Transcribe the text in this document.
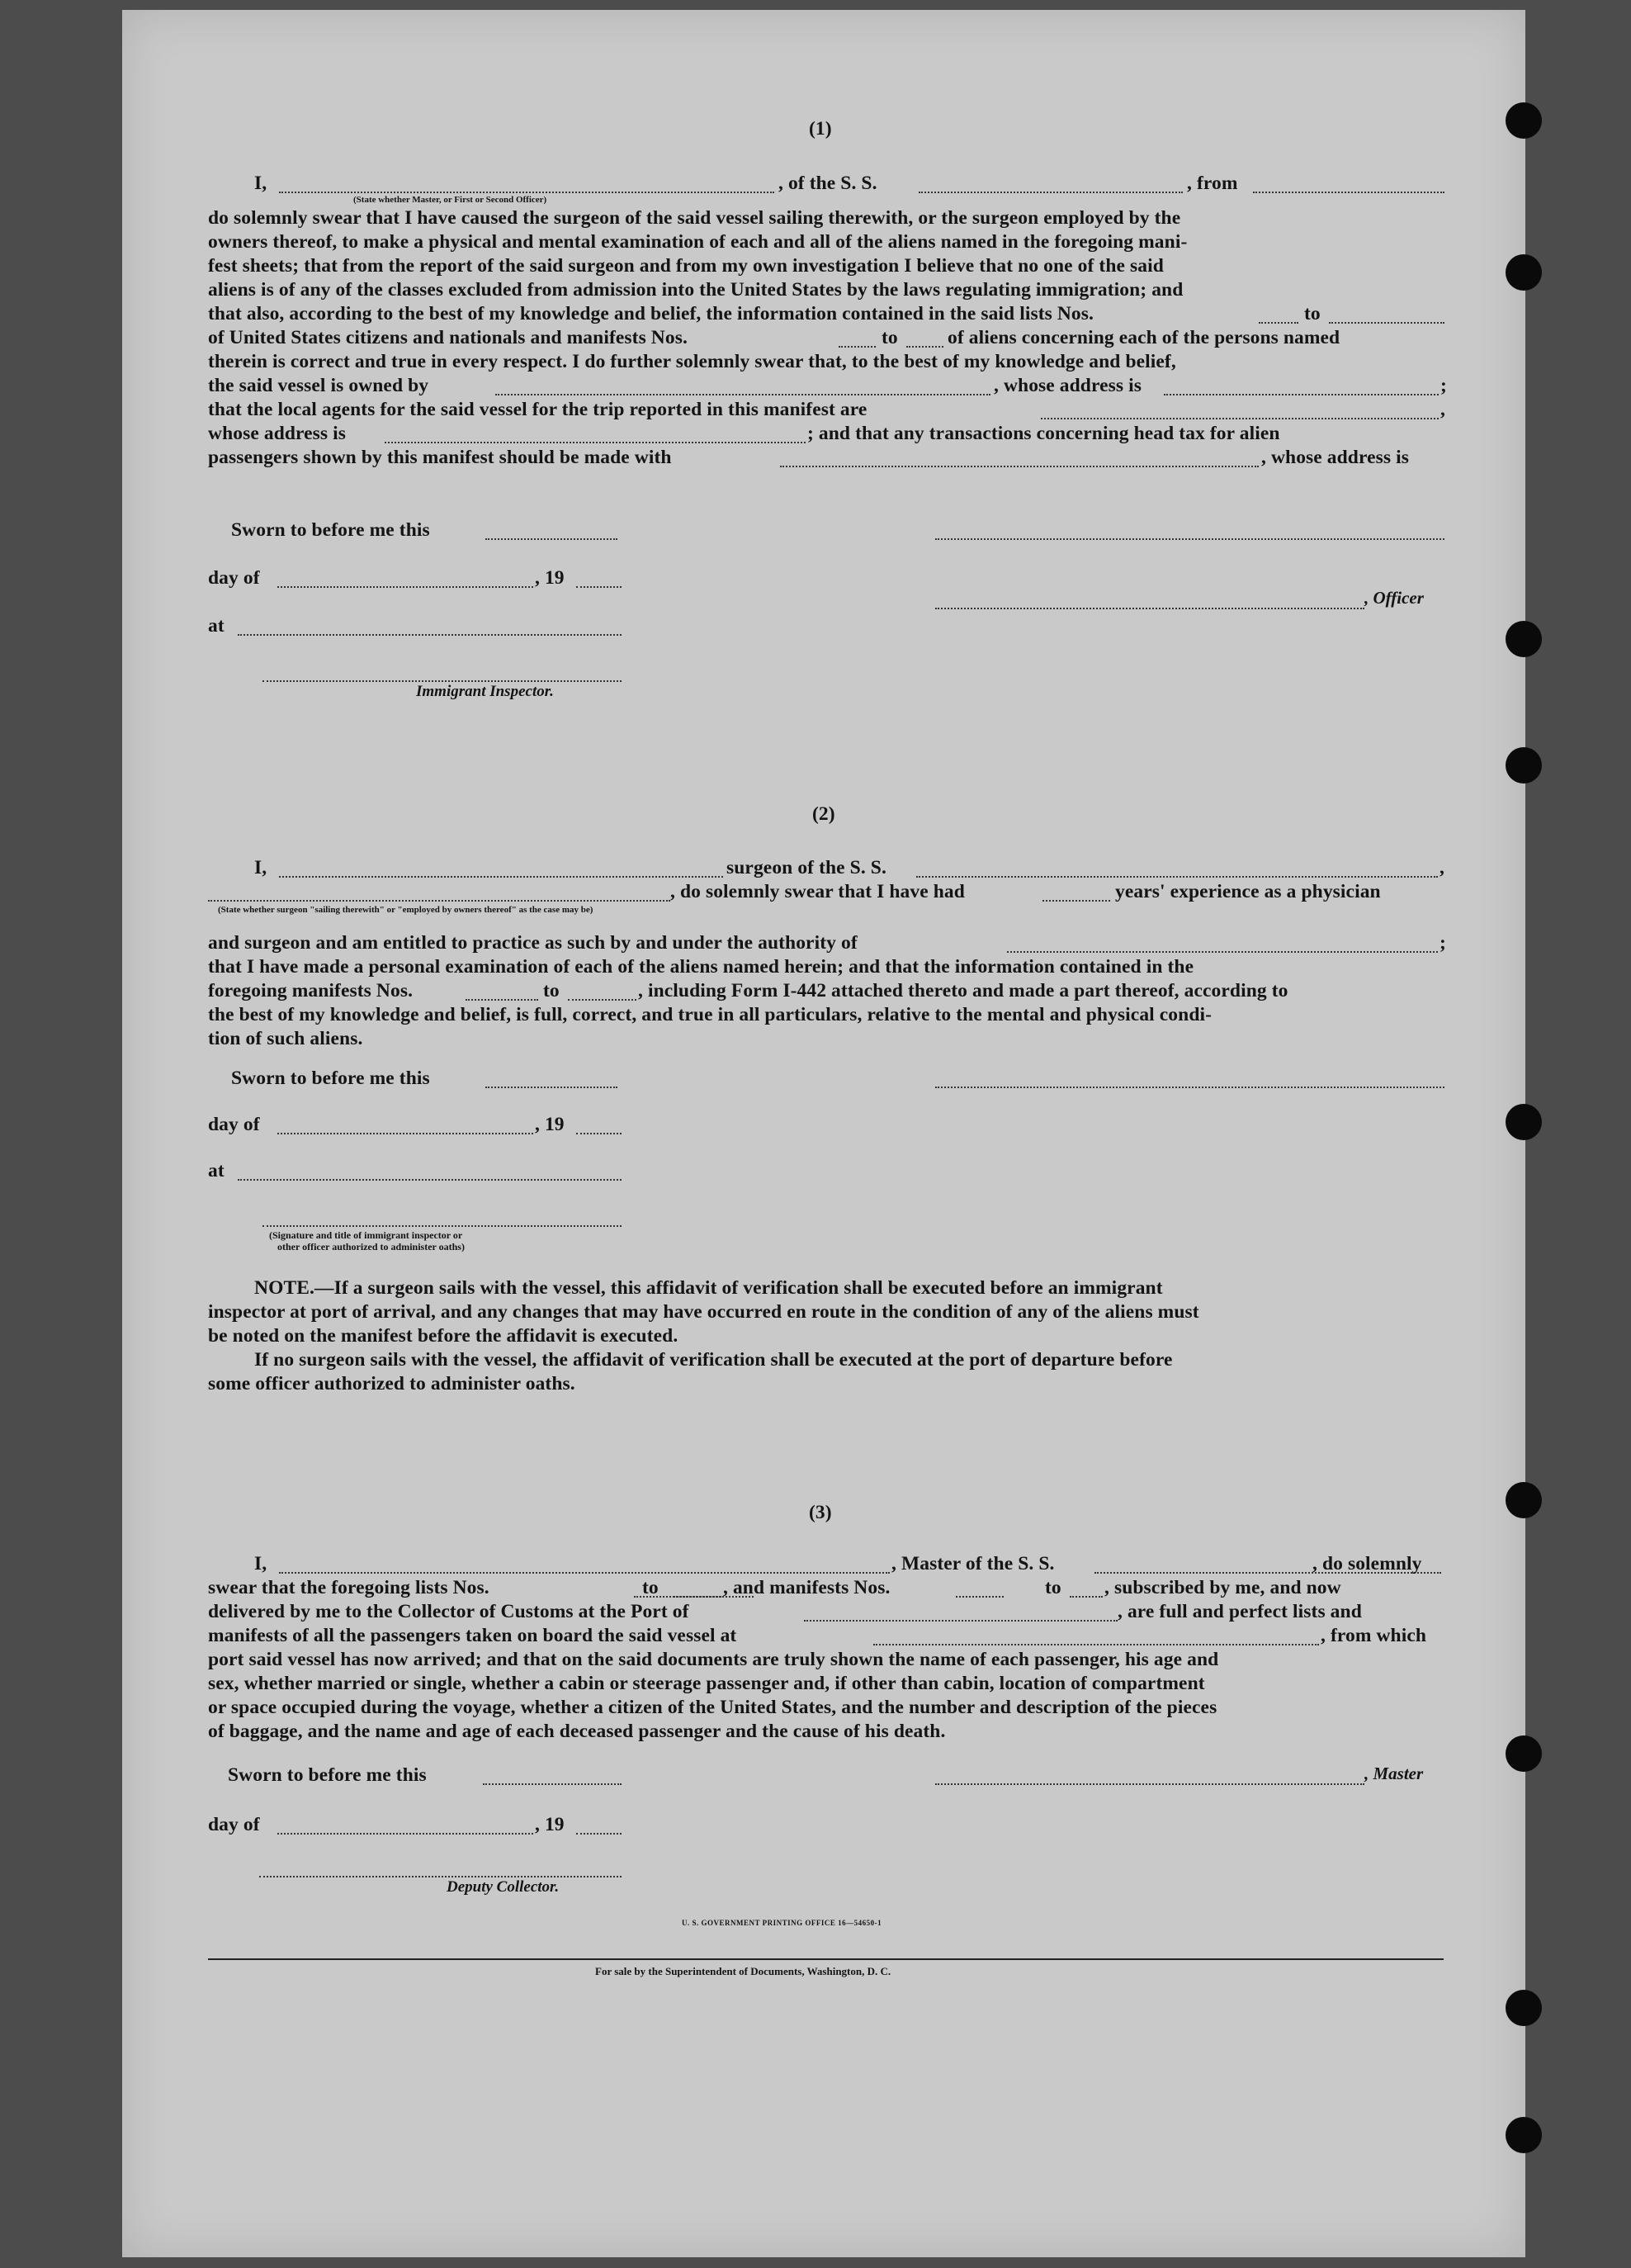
(1)
I,	, of the S. S.	, from
(State whether Master, or First or Second Officer)
do solemnly swear that I have caused the surgeon of the said vessel sailing therewith, or the surgeon employed by the
owners thereof, to make a physical and mental examination of each and all of the aliens named in the foregoing mani-
fest sheets; that from the report of the said surgeon and from my own investigation I believe that no one of the said
aliens is of any of the classes excluded from admission into the United States by the laws regulating immigration; and
that also, according to the best of my knowledge and belief, the information contained in the said lists Nos.	to
of United States citizens and nationals and manifests Nos.	to	of aliens concerning each of the persons named
therein is correct and true in every respect. I do further solemnly swear that, to the best of my knowledge and belief,
the said vessel is owned by	, whose address is	;
that the local agents for the said vessel for the trip reported in this manifest are	,
whose address is	; and that any transactions concerning head tax for alien
passengers shown by this manifest should be made with	, whose address is
Sworn to before me this
day of	, 19
, Officer
at
Immigrant Inspector.
(2)
I,	surgeon of the S. S.	,
, do solemnly swear that I have had	years' experience as a physician
(State whether surgeon "sailing therewith" or "employed by owners thereof" as the case may be)
and surgeon and am entitled to practice as such by and under the authority of	;
that I have made a personal examination of each of the aliens named herein; and that the information contained in the
foregoing manifests Nos.	to	, including Form I-442 attached thereto and made a part thereof, according to
the best of my knowledge and belief, is full, correct, and true in all particulars, relative to the mental and physical condi-
tion of such aliens.
Sworn to before me this
day of	, 19
at
(Signature and title of immigrant inspector or
other officer authorized to administer oaths)
NOTE.—If a surgeon sails with the vessel, this affidavit of verification shall be executed before an immigrant
inspector at port of arrival, and any changes that may have occurred en route in the condition of any of the aliens must
be noted on the manifest before the affidavit is executed.
If no surgeon sails with the vessel, the affidavit of verification shall be executed at the port of departure before
some officer authorized to administer oaths.
(3)
I,	, Master of the S. S.	, do solemnly
swear that the foregoing lists Nos.	to	, and manifests Nos.	to , subscribed by me, and now
delivered by me to the Collector of Customs at the Port of	, are full and perfect lists and
manifests of all the passengers taken on board the said vessel at	, from which
port said vessel has now arrived; and that on the said documents are truly shown the name of each passenger, his age and
sex, whether married or single, whether a cabin or steerage passenger and, if other than cabin, location of compartment
or space occupied during the voyage, whether a citizen of the United States, and the number and description of the pieces
of baggage, and the name and age of each deceased passenger and the cause of his death.
Sworn to before me this	, Master
day of	, 19
Deputy Collector.
U. S. GOVERNMENT PRINTING OFFICE 16—54650-1
For sale by the Superintendent of Documents, Washington, D. C.
